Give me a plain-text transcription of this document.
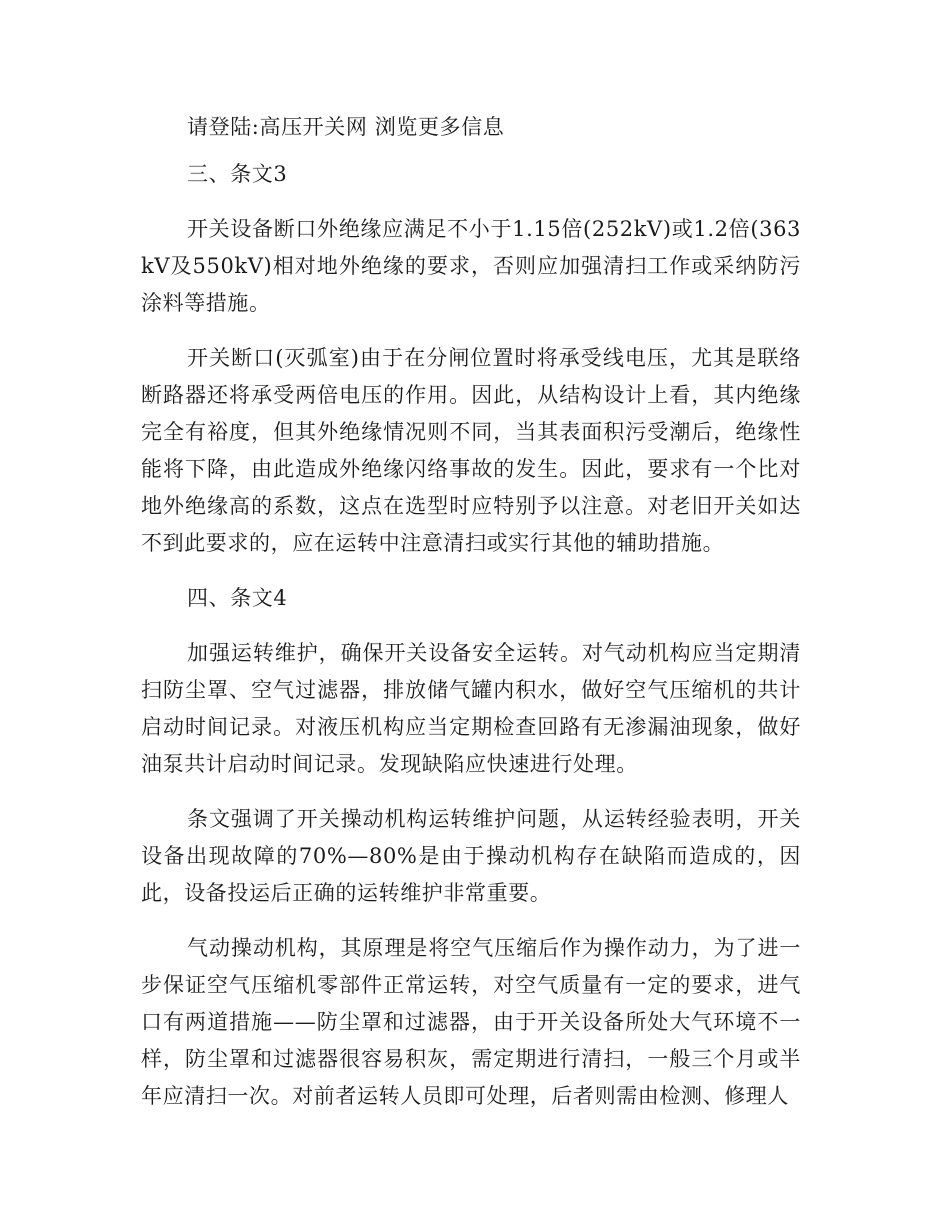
请登陆:高压开关网 浏览更多信息

三、条文3

开关设备断口外绝缘应满足不小于1.15倍(252kV)或1.2倍(363kV及550kV)相对地外绝缘的要求，否则应加强清扫工作或采纳防污涂料等措施。

开关断口(灭弧室)由于在分闸位置时将承受线电压，尤其是联络断路器还将承受两倍电压的作用。因此，从结构设计上看，其内绝缘完全有裕度，但其外绝缘情况则不同，当其表面积污受潮后，绝缘性能将下降，由此造成外绝缘闪络事故的发生。因此，要求有一个比对地外绝缘高的系数，这点在选型时应特别予以注意。对老旧开关如达不到此要求的，应在运转中注意清扫或实行其他的辅助措施。

四、条文4

加强运转维护，确保开关设备安全运转。对气动机构应当定期清扫防尘罩、空气过滤器，排放储气罐内积水，做好空气压缩机的共计启动时间记录。对液压机构应当定期检查回路有无渗漏油现象，做好油泵共计启动时间记录。发现缺陷应快速进行处理。

条文强调了开关操动机构运转维护问题，从运转经验表明，开关设备出现故障的70%—80%是由于操动机构存在缺陷而造成的，因此，设备投运后正确的运转维护非常重要。

气动操动机构，其原理是将空气压缩后作为操作动力，为了进一步保证空气压缩机零部件正常运转，对空气质量有一定的要求，进气口有两道措施——防尘罩和过滤器，由于开关设备所处大气环境不一样，防尘罩和过滤器很容易积灰，需定期进行清扫，一般三个月或半年应清扫一次。对前者运转人员即可处理，后者则需由检测、修理人
